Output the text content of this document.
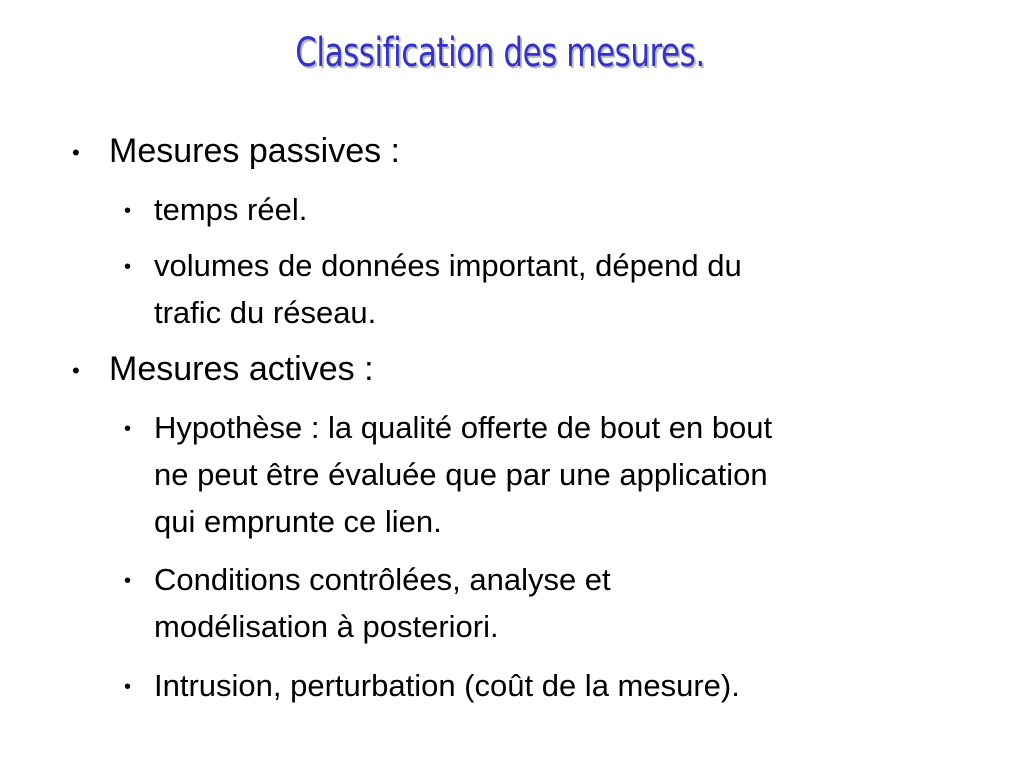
Classification des mesures.
• Mesures passives :
• temps réel.
• volumes de données important, dépend du
trafic du réseau.
• Mesures actives :
• Hypothèse : la qualité offerte de bout en bout
ne peut être évaluée que par une application
qui emprunte ce lien.
• Conditions contrôlées, analyse et
modélisation à posteriori.
• Intrusion, perturbation (coût de la mesure).
